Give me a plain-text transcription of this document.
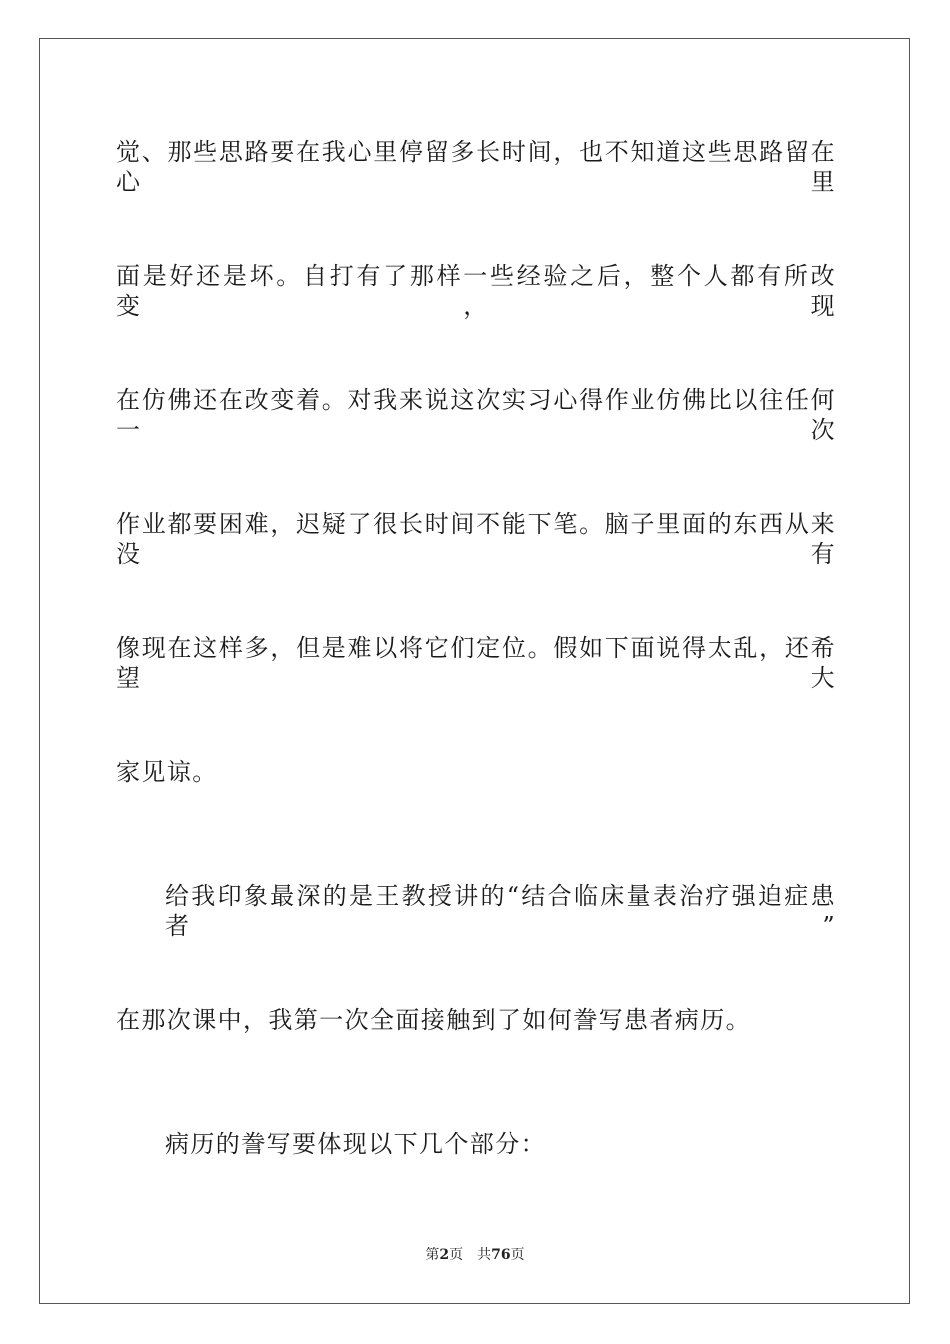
觉、那些思路要在我心里停留多长时间，也不知道这些思路留在心里
面是好还是坏。自打有了那样一些经验之后，整个人都有所改变，现
在仿佛还在改变着。对我来说这次实习心得作业仿佛比以往任何一次
作业都要困难，迟疑了很长时间不能下笔。脑子里面的东西从来没有
像现在这样多，但是难以将它们定位。假如下面说得太乱，还希望大
家见谅。
给我印象最深的是王教授讲的“结合临床量表治疗强迫症患者”
在那次课中，我第一次全面接触到了如何誊写患者病历。
病历的誊写要体现以下几个部分：
第2页 共76页
